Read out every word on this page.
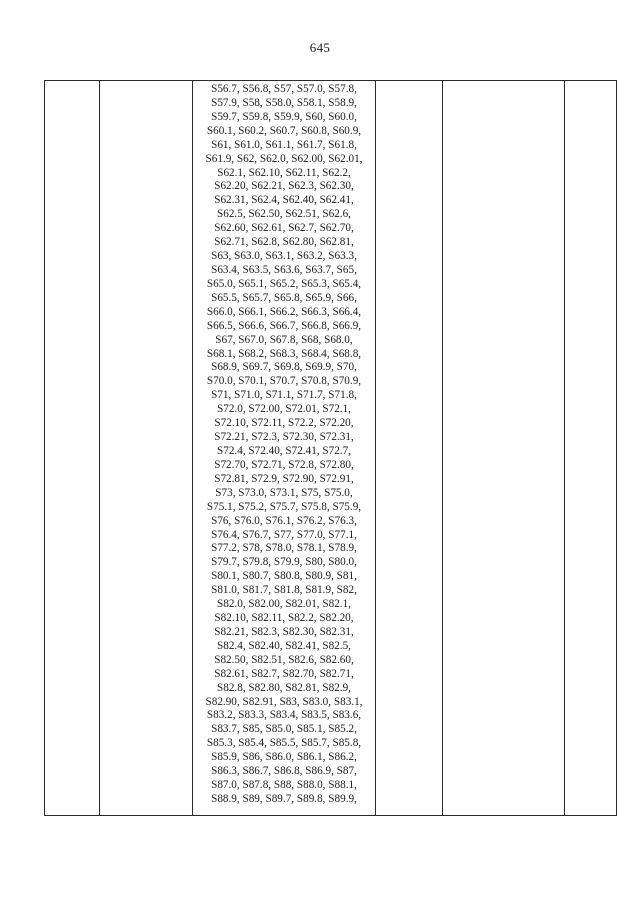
645

S56.7, S56.8, S57, S57.0, S57.8,
S57.9, S58, S58.0, S58.1, S58.9,
S59.7, S59.8, S59.9, S60, S60.0,
S60.1, S60.2, S60.7, S60.8, S60.9,
S61, S61.0, S61.1, S61.7, S61.8,
S61.9, S62, S62.0, S62.00, S62.01,
S62.1, S62.10, S62.11, S62.2,
S62.20, S62.21, S62.3, S62.30,
S62.31, S62.4, S62.40, S62.41,
S62.5, S62.50, S62.51, S62.6,
S62.60, S62.61, S62.7, S62.70,
S62.71, S62.8, S62.80, S62.81,
S63, S63.0, S63.1, S63.2, S63.3,
S63.4, S63.5, S63.6, S63.7, S65,
S65.0, S65.1, S65.2, S65.3, S65.4,
S65.5, S65.7, S65.8, S65.9, S66,
S66.0, S66.1, S66.2, S66.3, S66.4,
S66.5, S66.6, S66.7, S66.8, S66.9,
S67, S67.0, S67.8, S68, S68.0,
S68.1, S68.2, S68.3, S68.4, S68.8,
S68.9, S69.7, S69.8, S69.9, S70,
S70.0, S70.1, S70.7, S70.8, S70.9,
S71, S71.0, S71.1, S71.7, S71.8,
S72.0, S72.00, S72.01, S72.1,
S72.10, S72.11, S72.2, S72.20,
S72.21, S72.3, S72.30, S72.31,
S72.4, S72.40, S72.41, S72.7,
S72.70, S72.71, S72.8, S72.80,
S72.81, S72.9, S72.90, S72.91,
S73, S73.0, S73.1, S75, S75.0,
S75.1, S75.2, S75.7, S75.8, S75.9,
S76, S76.0, S76.1, S76.2, S76.3,
S76.4, S76.7, S77, S77.0, S77.1,
S77.2, S78, S78.0, S78.1, S78.9,
S79.7, S79.8, S79.9, S80, S80.0,
S80.1, S80.7, S80.8, S80.9, S81,
S81.0, S81.7, S81.8, S81.9, S82,
S82.0, S82.00, S82.01, S82.1,
S82.10, S82.11, S82.2, S82.20,
S82.21, S82.3, S82.30, S82.31,
S82.4, S82.40, S82.41, S82.5,
S82.50, S82.51, S82.6, S82.60,
S82.61, S82.7, S82.70, S82.71,
S82.8, S82.80, S82.81, S82.9,
S82.90, S82.91, S83, S83.0, S83.1,
S83.2, S83.3, S83.4, S83.5, S83.6,
S83.7, S85, S85.0, S85.1, S85.2,
S85.3, S85.4, S85.5, S85.7, S85.8,
S85.9, S86, S86.0, S86.1, S86.2,
S86.3, S86.7, S86.8, S86.9, S87,
S87.0, S87.8, S88, S88.0, S88.1,
S88.9, S89, S89.7, S89.8, S89.9,
